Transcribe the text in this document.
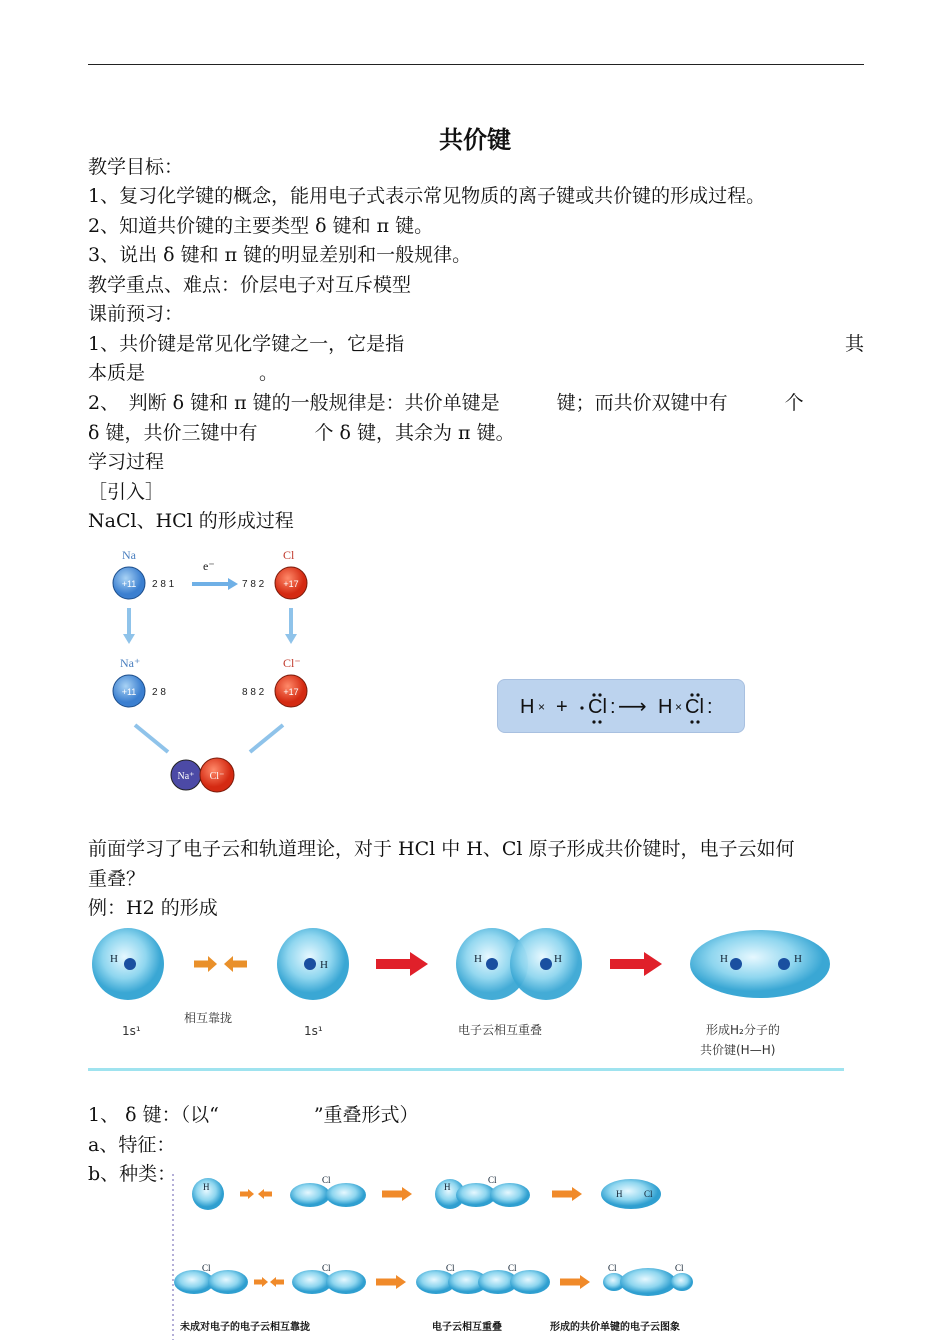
共价键
教学目标：
1、复习化学键的概念，能用电子式表示常见物质的离子键或共价键的形成过程。
2、知道共价键的主要类型 δ 键和 π 键。
3、说出 δ 键和 π 键的明显差别和一般规律。
教学重点、难点：价层电子对互斥模型
课前预习：
1、共价键是常见化学键之一，它是指	其
本质是　　　　　　。
2、　判断 δ 键和 π 键的一般规律是：共价单键是　　　键；而共价双键中有　　　个
δ 键，共价三键中有　　　个 δ 键，其余为 π 键。
学习过程
［引入］
NaCl、HCl 的形成过程
Na	Cl
+11 2 8 1
e⁻
7 8 2 +17
Na⁺	Cl⁻
+11 2 8	8 8 2 +17
Na⁺ Cl⁻
H × + Cl : ⟶ H × Cl :
前面学习了电子云和轨道理论，对于 HCl 中 H、Cl 原子形成共价键时，电子云如何
重叠？
例：H2 的形成
H
1s¹
相互靠拢
H
1s¹
H	H
电子云相互重叠
H	H
形成H₂分子的
共价键(H—H)
1、 δ 键：（以“　　　　　”重叠形式）
a、特征：
b、种类：
H
Cl
H
Cl
H Cl
Cl	Cl	Cl	Cl	Cl	Cl
未成对电子的电子云相互靠拢	电子云相互重叠	形成的共价单键的电子云图象
